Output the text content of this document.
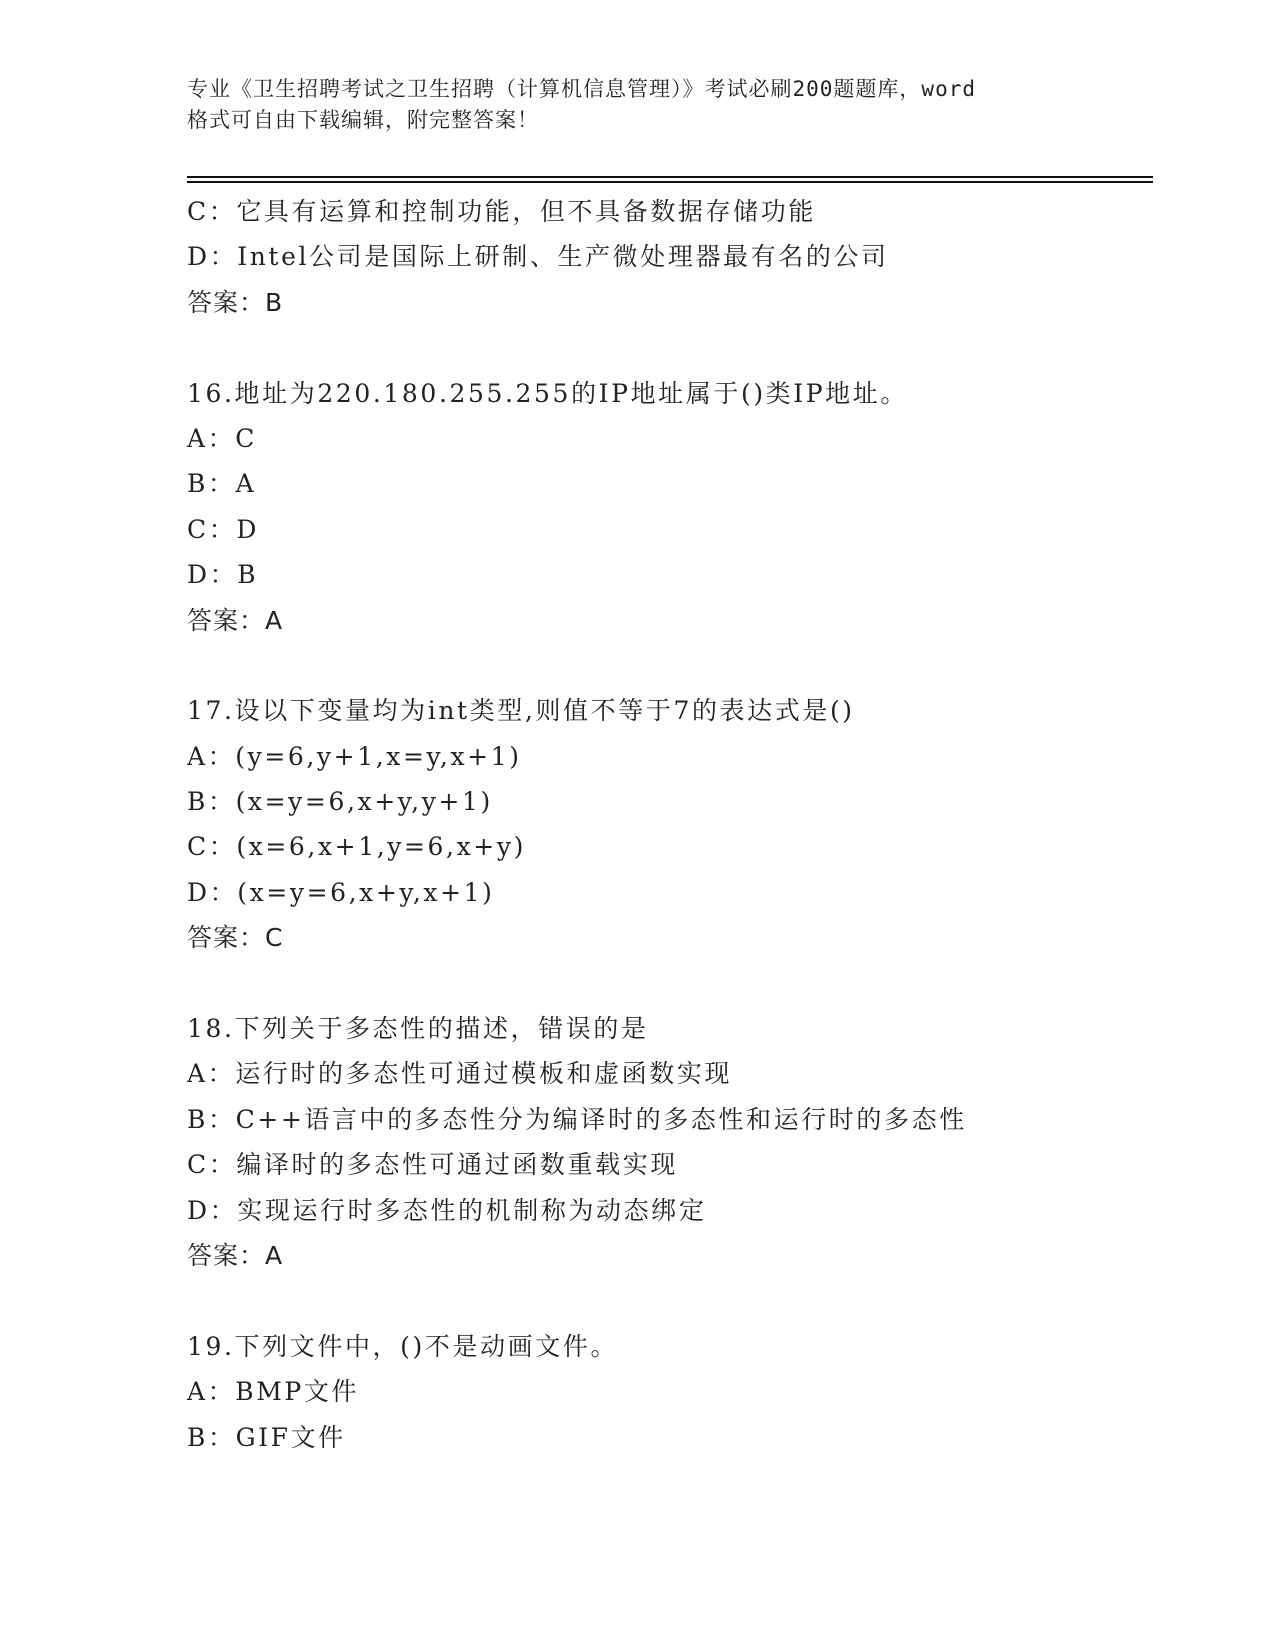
专业《卫生招聘考试之卫生招聘（计算机信息管理）》考试必刷200题题库，word
格式可自由下载编辑，附完整答案！
C：它具有运算和控制功能，但不具备数据存储功能
D：Intel公司是国际上研制、生产微处理器最有名的公司
答案：B
16.地址为220.180.255.255的IP地址属于()类IP地址。
A：C
B：A
C：D
D：B
答案：A
17.设以下变量均为int类型,则值不等于7的表达式是()
A：(y=6,y+1,x=y,x+1)
B：(x=y=6,x+y,y+1)
C：(x=6,x+1,y=6,x+y)
D：(x=y=6,x+y,x+1)
答案：C
18.下列关于多态性的描述，错误的是
A：运行时的多态性可通过模板和虚函数实现
B：C++语言中的多态性分为编译时的多态性和运行时的多态性
C：编译时的多态性可通过函数重载实现
D：实现运行时多态性的机制称为动态绑定
答案：A
19.下列文件中，()不是动画文件。
A：BMP文件
B：GIF文件
